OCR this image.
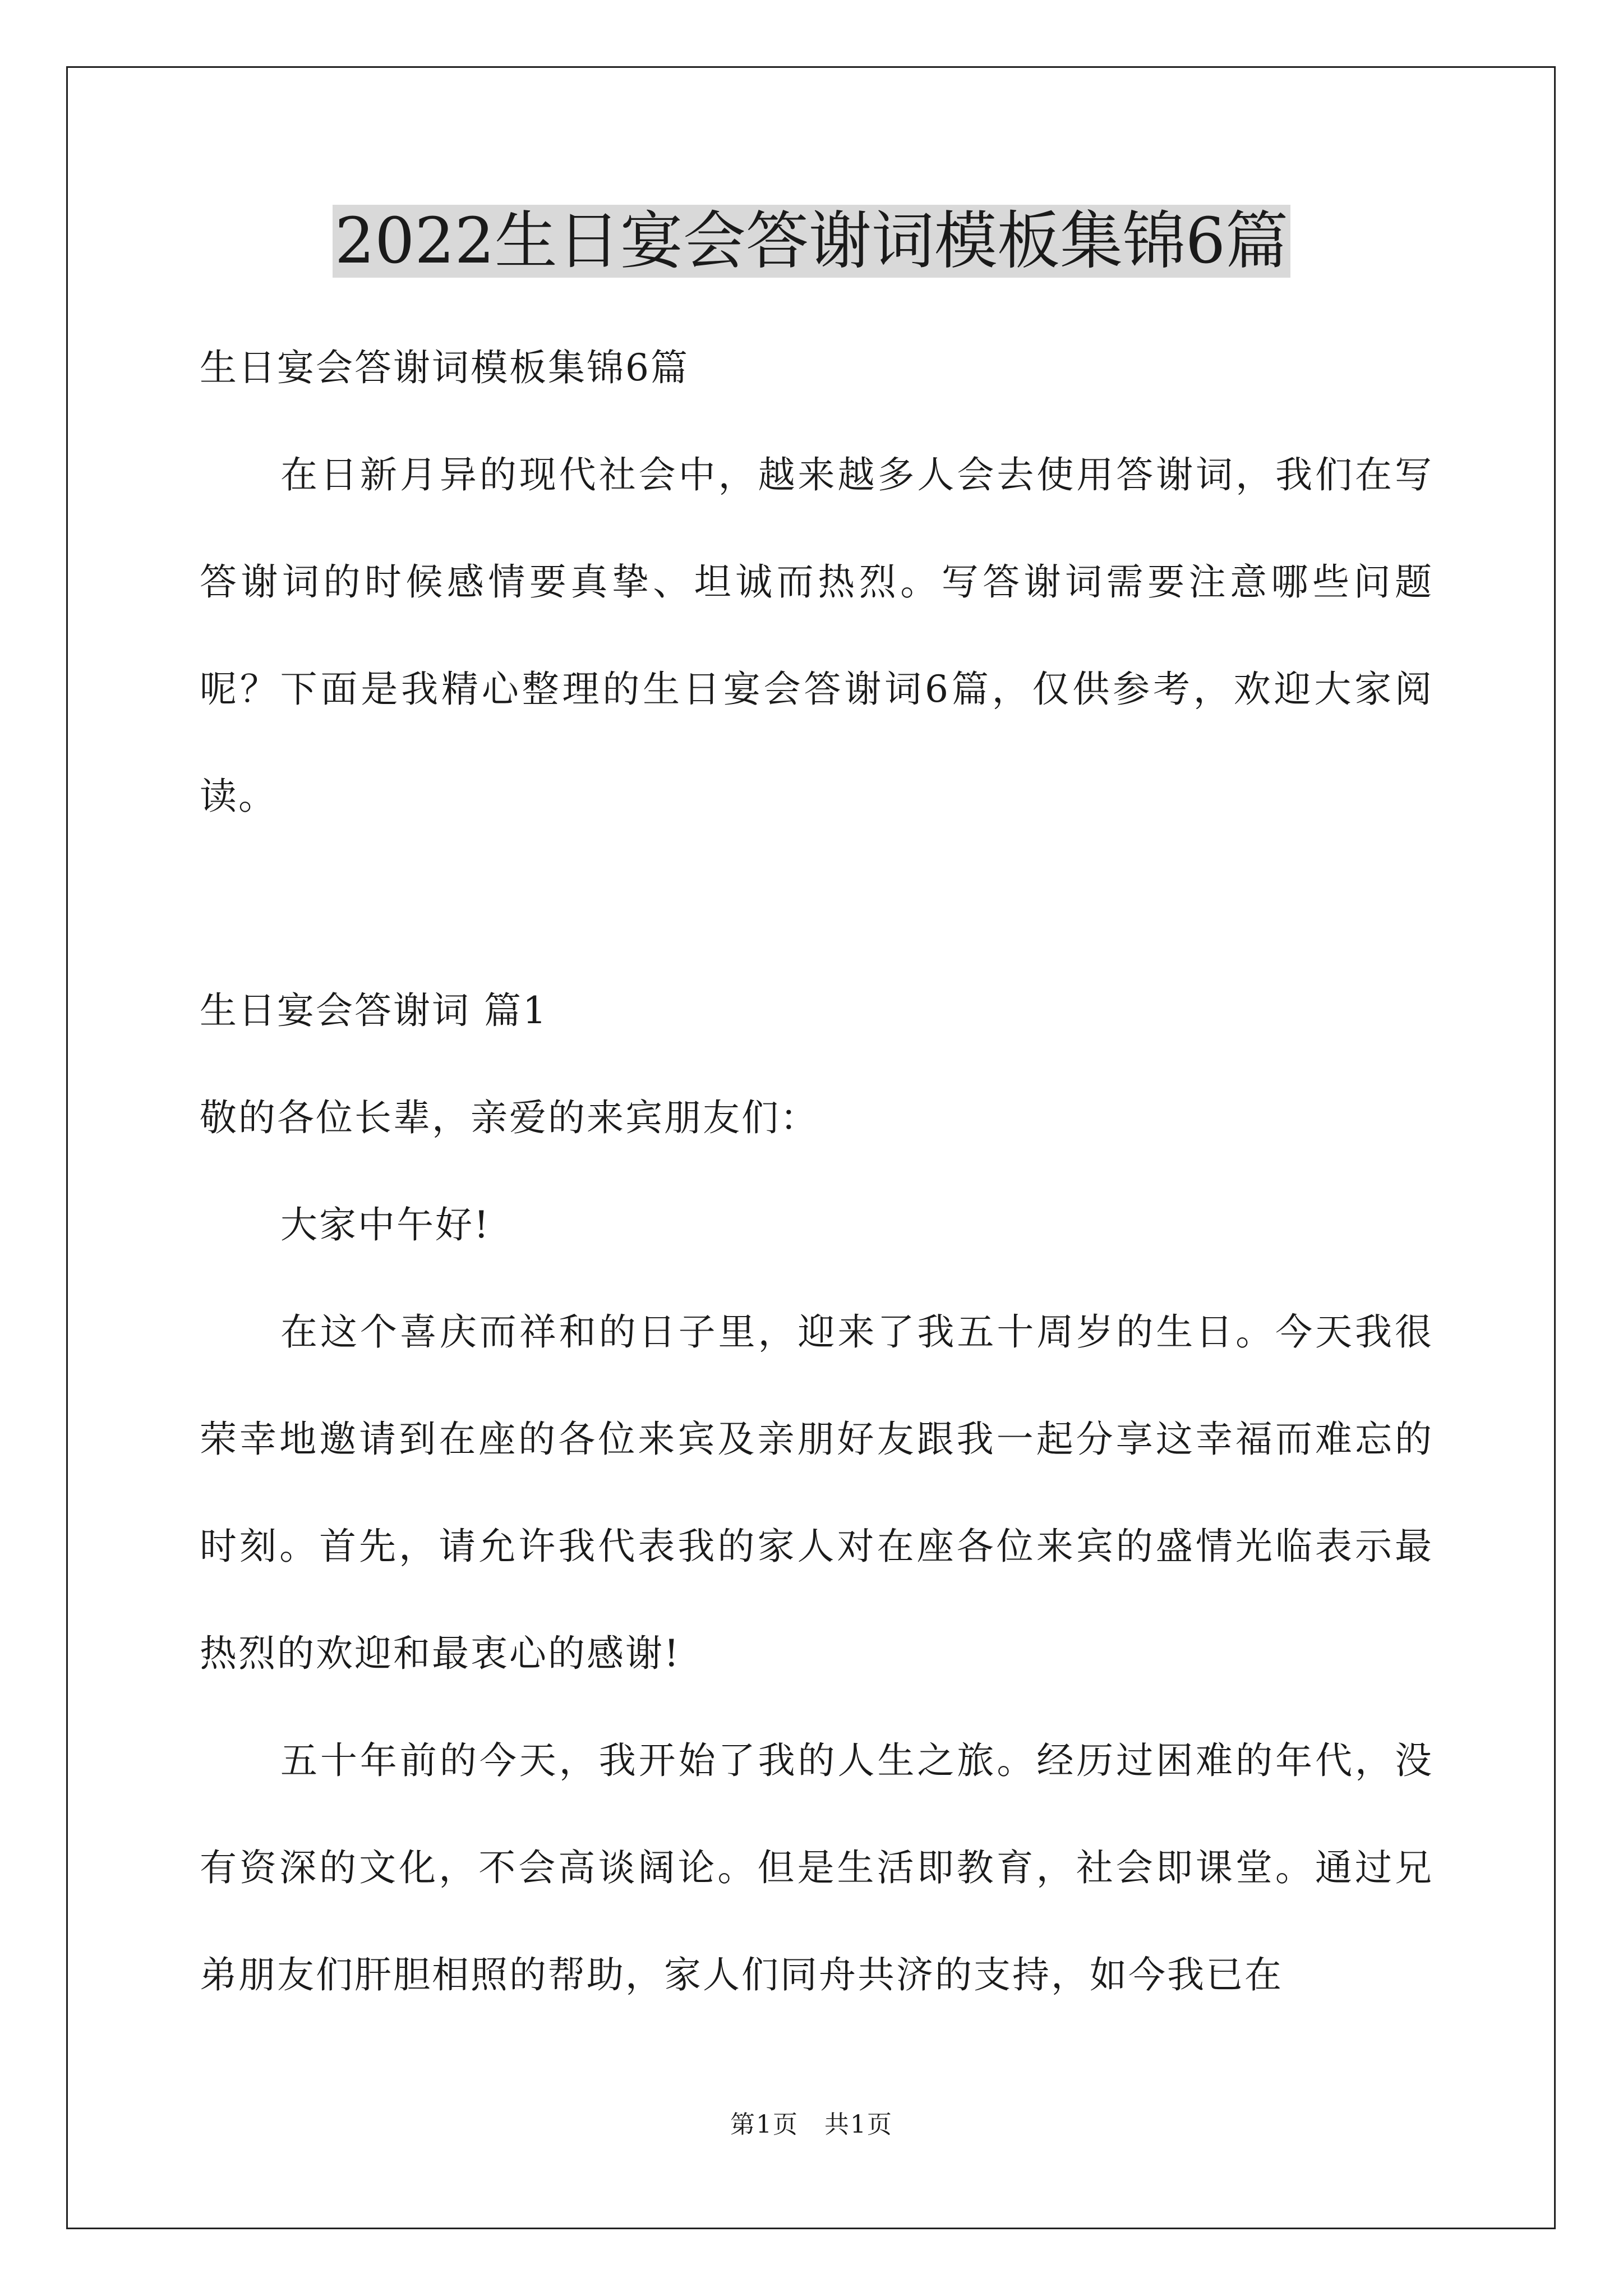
2022生日宴会答谢词模板集锦6篇

生日宴会答谢词模板集锦6篇

在日新月异的现代社会中，越来越多人会去使用答谢词，我们在写答谢词的时候感情要真挚、坦诚而热烈。写答谢词需要注意哪些问题呢？下面是我精心整理的生日宴会答谢词6篇，仅供参考，欢迎大家阅读。

生日宴会答谢词 篇1

敬的各位长辈，亲爱的来宾朋友们：

大家中午好!

在这个喜庆而祥和的日子里，迎来了我五十周岁的生日。今天我很荣幸地邀请到在座的各位来宾及亲朋好友跟我一起分享这幸福而难忘的时刻。首先，请允许我代表我的家人对在座各位来宾的盛情光临表示最热烈的欢迎和最衷心的感谢!

五十年前的今天，我开始了我的人生之旅。经历过困难的年代，没有资深的文化，不会高谈阔论。但是生活即教育，社会即课堂。通过兄弟朋友们肝胆相照的帮助，家人们同舟共济的支持，如今我已在

第1页 共1页
